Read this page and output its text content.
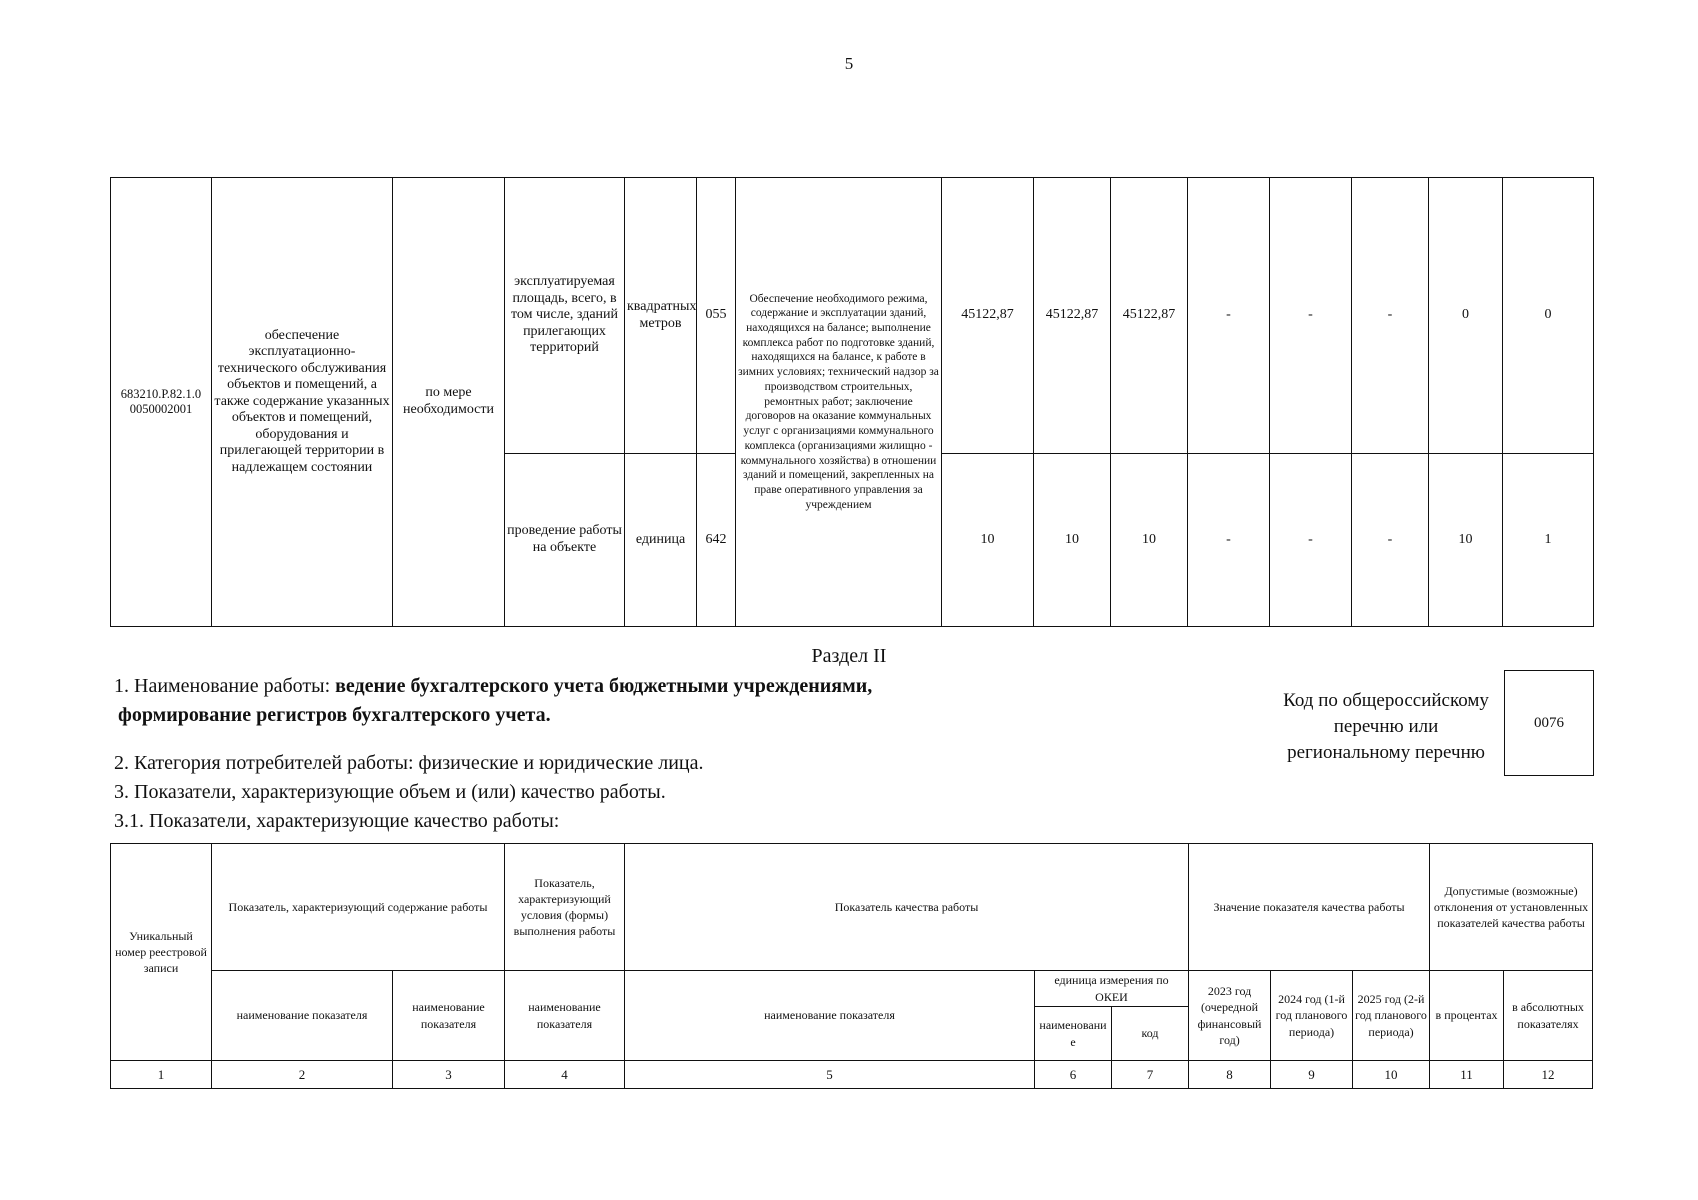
5
683210.Р.82.1.0 0050002001	обеспечение эксплуатационно-технического обслуживания объектов и помещений, а также содержание указанных объектов и помещений, оборудования и прилегающей территории в надлежащем состоянии	по мере необходимости	эксплуатируемая площадь, всего, в том числе, зданий прилегающих территорий	квадратных метров	055	Обеспечение необходимого режима, содержание и эксплуатации зданий, находящихся на балансе; выполнение комплекса работ по подготовке зданий, находящихся на балансе, к работе в зимних условиях; технический надзор за производством строительных, ремонтных работ; заключение договоров на оказание коммунальных услуг с организациями коммунального комплекса (организациями жилищно - коммунального хозяйства) в отношении зданий и помещений, закрепленных на праве оперативного управления за учреждением	45122,87	45122,87	45122,87	-	-	-	0	0
			проведение работы на объекте	единица	642		10	10	10	-	-	-	10	1
Раздел II
1. Наименование работы: ведение бухгалтерского учета бюджетными учреждениями,
формирование регистров бухгалтерского учета.
2. Категория потребителей работы: физические и юридические лица.
3. Показатели, характеризующие объем и (или) качество работы.
3.1. Показатели, характеризующие качество работы:
Код по общероссийскому перечню или региональному перечню
0076
Уникальный номер реестровой записи	Показатель, характеризующий содержание работы		Показатель, характеризующий условия (формы) выполнения работы	Показатель качества работы			Значение показателя качества работы			Допустимые (возможные) отклонения от установленных показателей качества работы	
	наименование показателя	наименование показателя	наименование показателя	наименование показателя	единица измерения по ОКЕИ		2023 год (очередной финансовый год)	2024 год (1-й год планового периода)	2025 год (2-й год планового периода)	в процентах	в абсолютных показателях
					наименование	код					
1	2	3	4	5	6	7	8	9	10	11	12
